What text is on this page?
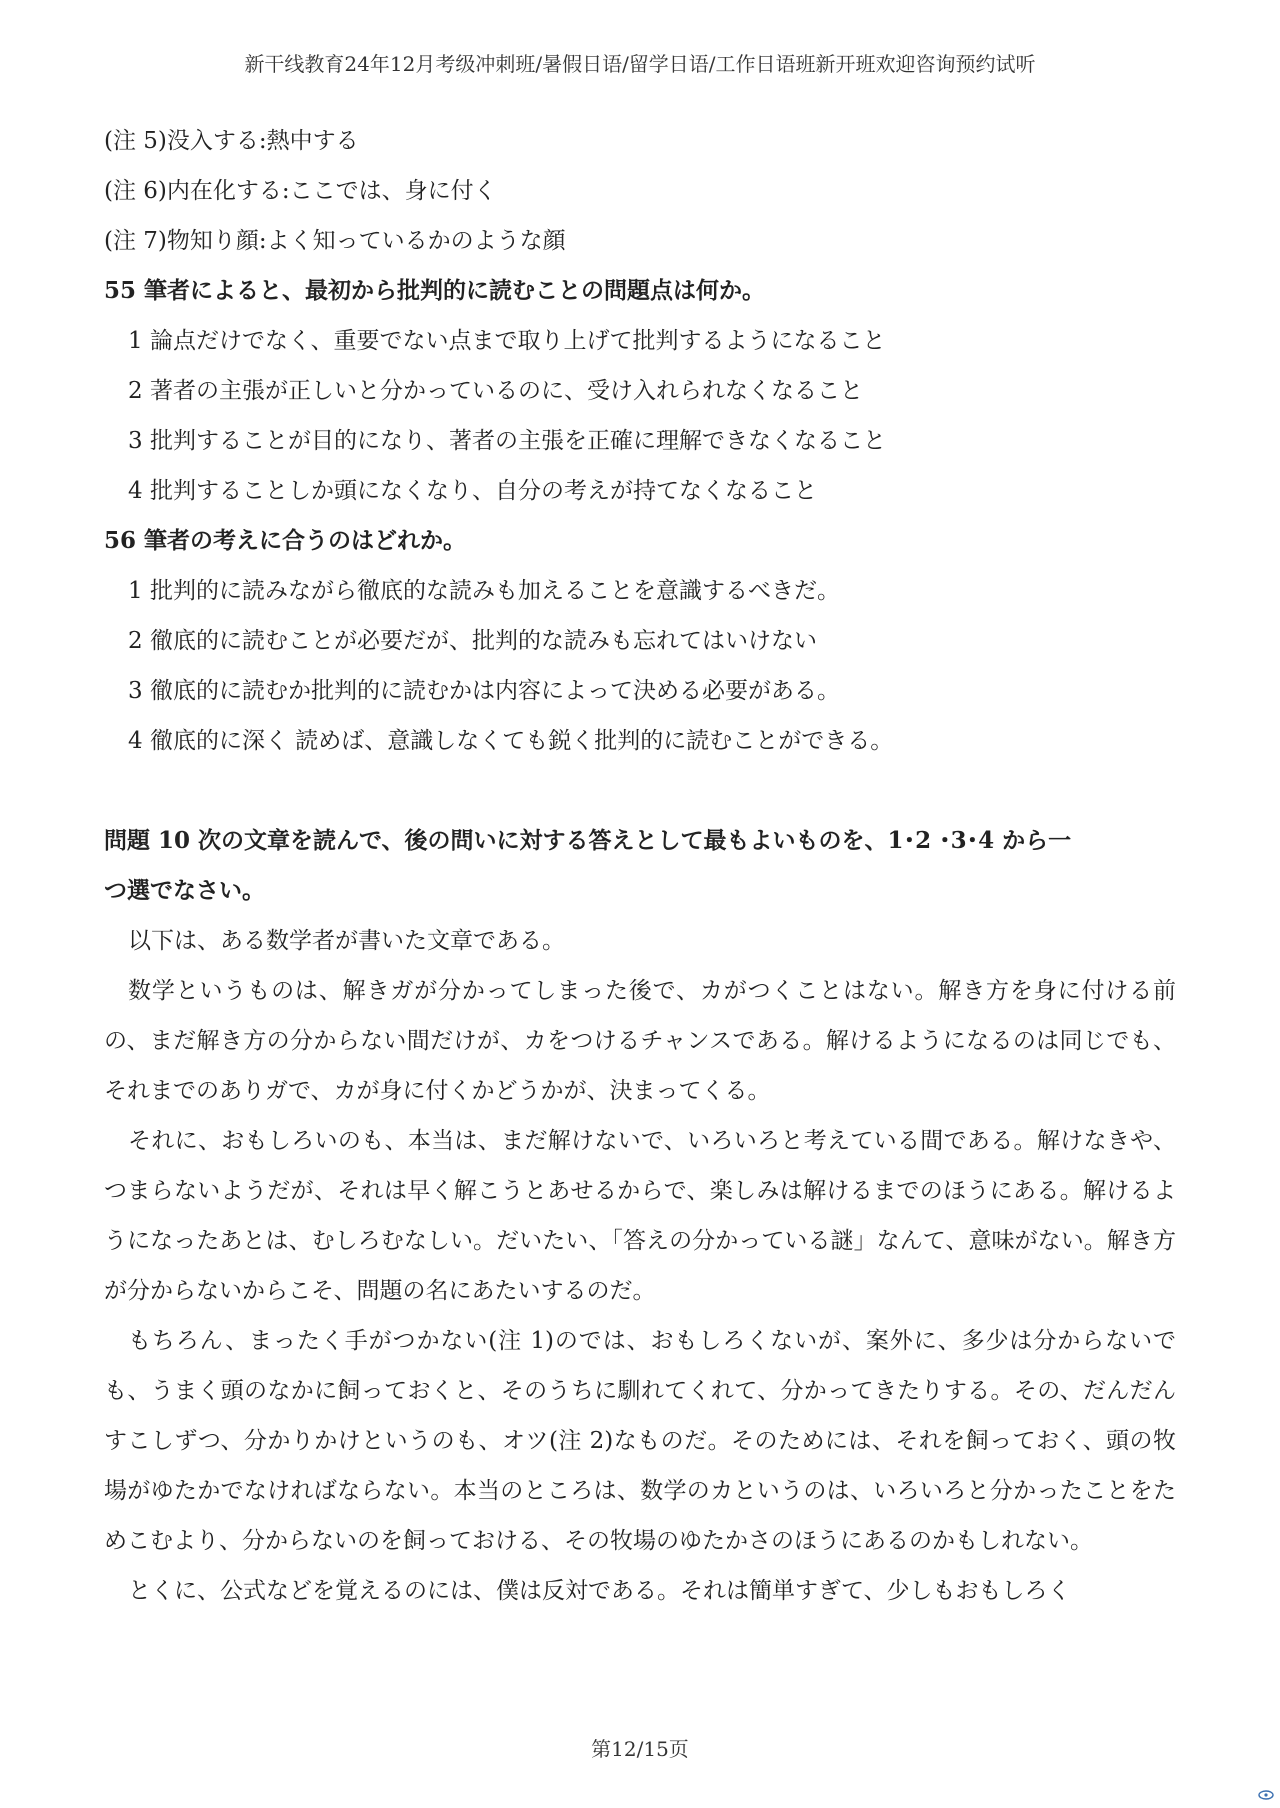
新干线教育24年12月考级冲刺班/暑假日语/留学日语/工作日语班新开班欢迎咨询预约试听
(注 5)没入する:熱中する
(注 6)内在化する:ここでは、身に付く
(注 7)物知り顔:よく知っているかのような顔
55 筆者によると、最初から批判的に読むことの問題点は何か。
1 論点だけでなく、重要でない点まで取り上げて批判するようになること
2 著者の主張が正しいと分かっているのに、受け入れられなくなること
3 批判することが目的になり、著者の主張を正確に理解できなくなること
4 批判することしか頭になくなり、自分の考えが持てなくなること
56 筆者の考えに合うのはどれか。
1 批判的に読みながら徹底的な読みも加えることを意識するべきだ。
2 徹底的に読むことが必要だが、批判的な読みも忘れてはいけない
3 徹底的に読むか批判的に読むかは内容によって決める必要がある。
4 徹底的に深く 読めば、意識しなくても鋭く批判的に読むことができる。
問題 10 次の文章を読んで、後の問いに対する答えとして最もよいものを、1･2 ･3･4 から一
つ選でなさい。
以下は、ある数学者が書いた文章である。
数学というものは、解きガが分かってしまった後で、カがつくことはない。解き方を身に付ける前の、まだ解き方の分からない間だけが、カをつけるチャンスである。解けるようになるのは同じでも、それまでのありガで、カが身に付くかどうかが、決まってくる。
それに、おもしろいのも、本当は、まだ解けないで、いろいろと考えている間である。解けなきや、つまらないようだが、それは早く解こうとあせるからで、楽しみは解けるまでのほうにある。解けるようになったあとは、むしろむなしい。だいたい、「答えの分かっている謎」なんて、意味がない。解き方が分からないからこそ、問題の名にあたいするのだ。
もちろん、まったく手がつかない(注 1)のでは、おもしろくないが、案外に、多少は分からないでも、うまく頭のなかに飼っておくと、そのうちに馴れてくれて、分かってきたりする。その、だんだんすこしずつ、分かりかけというのも、オツ(注 2)なものだ。そのためには、それを飼っておく、頭の牧場がゆたかでなければならない。本当のところは、数学のカというのは、いろいろと分かったことをためこむより、分からないのを飼っておける、その牧場のゆたかさのほうにあるのかもしれない。
とくに、公式などを覚えるのには、僕は反対である。それは簡単すぎて、少しもおもしろく
第12/15页
